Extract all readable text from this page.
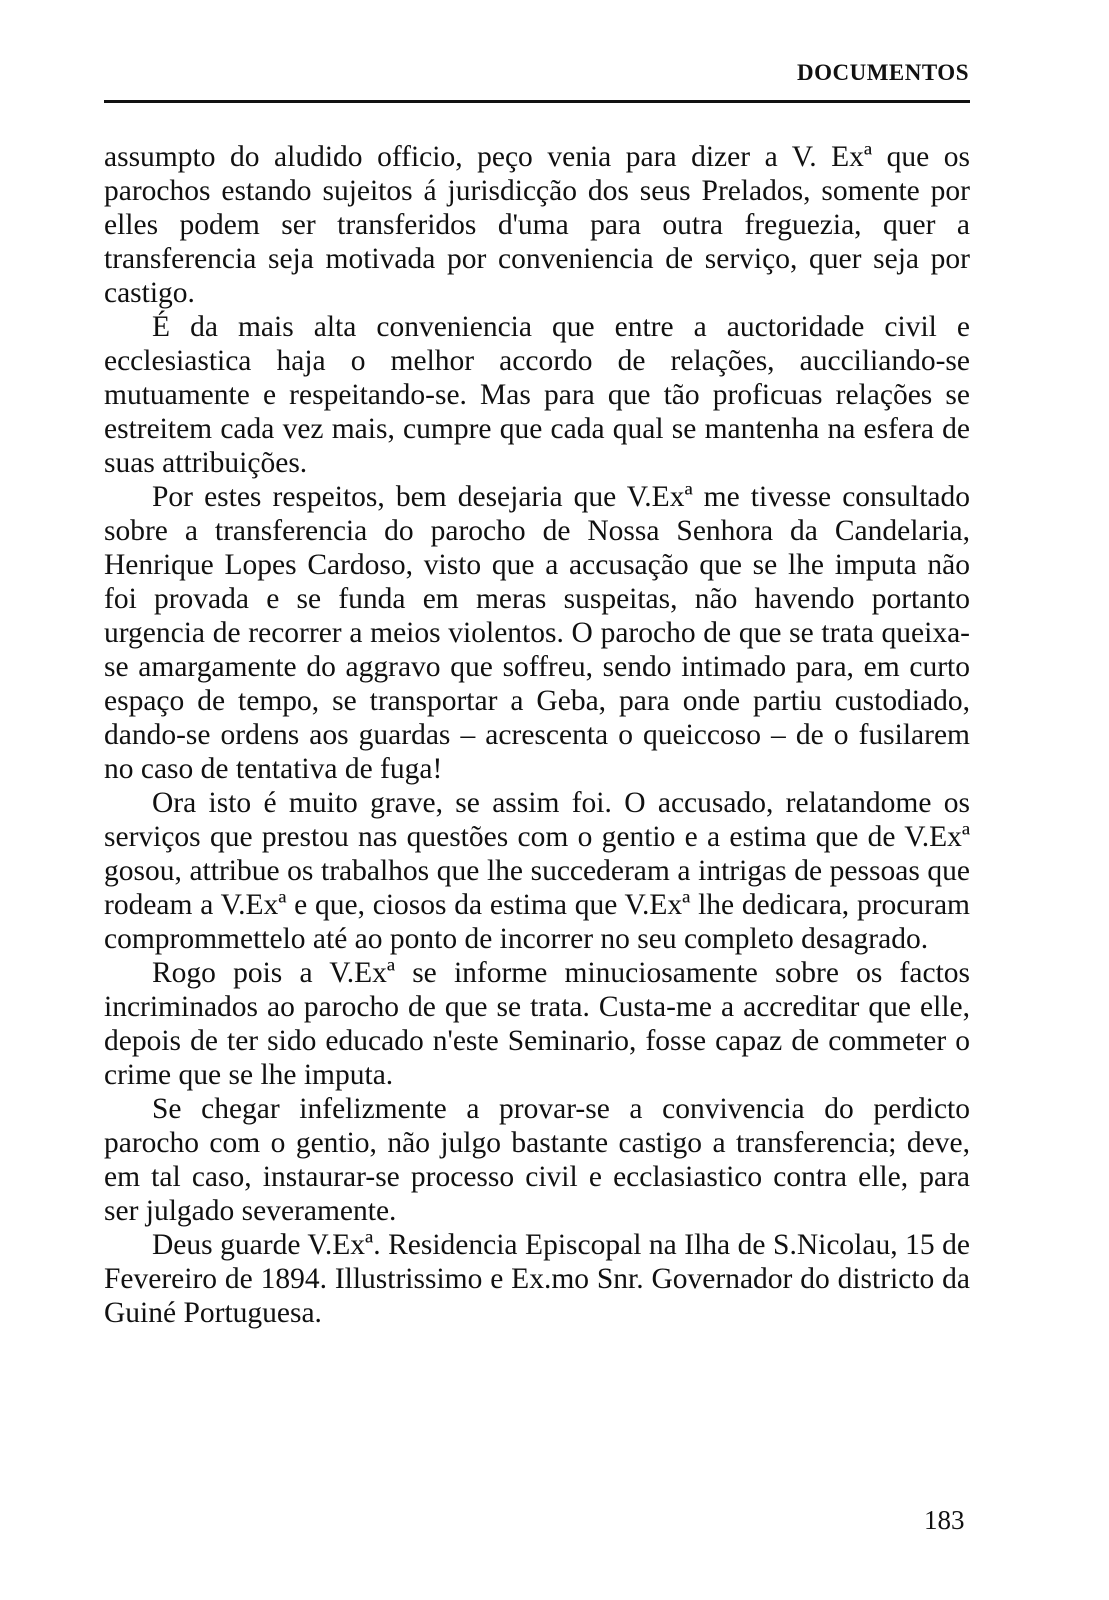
DOCUMENTOS

assumpto do aludido officio, peço venia para dizer a V. Exª que os parochos estando sujeitos á jurisdicção dos seus Prelados, somente por elles podem ser transferidos d'uma para outra freguezia, quer a transferencia seja motivada por conveniencia de serviço, quer seja por castigo.

É da mais alta conveniencia que entre a auctoridade civil e ecclesiastica haja o melhor accordo de relações, aucciliando-se mutuamente e respeitando-se. Mas para que tão proficuas relações se estreitem cada vez mais, cumpre que cada qual se mantenha na esfera de suas attribuições.

Por estes respeitos, bem desejaria que V.Exª me tivesse consultado sobre a transferencia do parocho de Nossa Senhora da Candelaria, Henrique Lopes Cardoso, visto que a accusação que se lhe imputa não foi provada e se funda em meras suspeitas, não havendo portanto urgencia de recorrer a meios violentos. O parocho de que se trata queixa-se amargamente do aggravo que soffreu, sendo intimado para, em curto espaço de tempo, se transportar a Geba, para onde partiu custodiado, dando-se ordens aos guardas – acrescenta o queiccoso – de o fusilarem no caso de tentativa de fuga!

Ora isto é muito grave, se assim foi. O accusado, relatandome os serviços que prestou nas questões com o gentio e a estima que de V.Exª gosou, attribue os trabalhos que lhe succederam a intrigas de pessoas que rodeam a V.Exª e que, ciosos da estima que V.Exª lhe dedicara, procuram comprommettelo até ao ponto de incorrer no seu completo desagrado.

Rogo pois a V.Exª se informe minuciosamente sobre os factos incriminados ao parocho de que se trata. Custa-me a accreditar que elle, depois de ter sido educado n'este Seminario, fosse capaz de commeter o crime que se lhe imputa.

Se chegar infelizmente a provar-se a convivencia do perdicto parocho com o gentio, não julgo bastante castigo a transferencia; deve, em tal caso, instaurar-se processo civil e ecclasiastico contra elle, para ser julgado severamente.

Deus guarde V.Exª. Residencia Episcopal na Ilha de S.Nicolau, 15 de Fevereiro de 1894. Illustrissimo e Ex.mo Snr. Governador do districto da Guiné Portuguesa.

183
